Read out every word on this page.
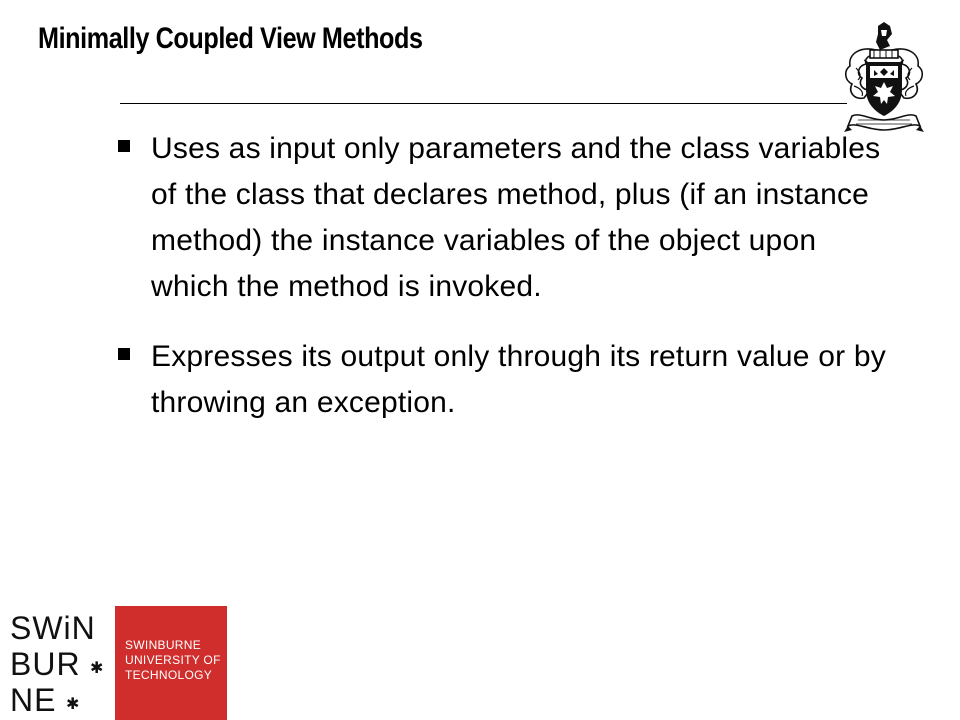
Minimally Coupled View Methods
Uses as input only parameters and the class variables of the class that declares method, plus (if an instance method) the instance variables of the object upon which the method is invoked.
Expresses its output only through its return value or by throwing an exception.
SWiN
BUR
NE
✱
✱
SWINBURNE
UNIVERSITY OF
TECHNOLOGY
